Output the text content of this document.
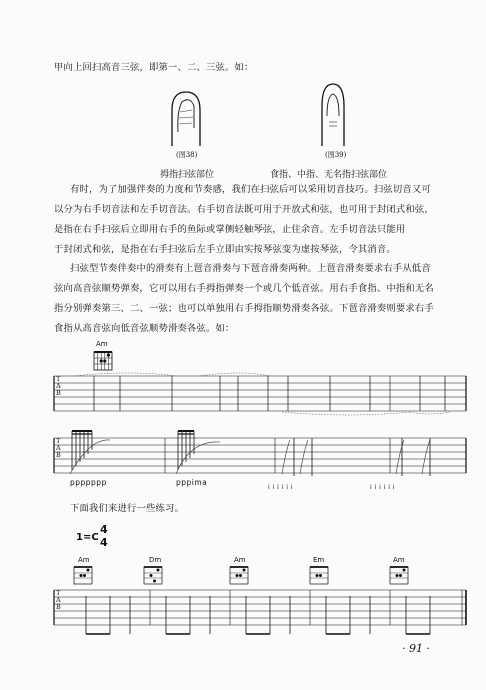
甲向上回扫高音三弦，即第一、二、三弦。如：
(图38)
拇指扫弦部位
(图39)
食指、中指、无名指扫弦部位
有时，为了加强伴奏的力度和节奏感，我们在扫弦后可以采用切音技巧。扫弦切音又可
以分为右手切音法和左手切音法。右手切音法既可用于开放式和弦，也可用于封闭式和弦，
是指在右手扫弦后立即用右手的鱼际或掌侧轻触琴弦，止住余音。左手切音法只能用
于封闭式和弦，是指在右手扫弦后左手立即由实按琴弦变为虚按琴弦，令其消音。
扫弦型节奏伴奏中的滑奏有上琶音滑奏与下琶音滑奏两种。上琶音滑奏要求右手从低音
弦向高音弦顺势弹奏，它可以用右手拇指弹奏一个或几个低音弦。用右手食指、中指和无名
指分别弹奏第三、二、一弦；也可以单独用右手拇指顺势滑奏各弦。下琶音滑奏则要求右手
食指从高音弦向低音弦顺势滑奏各弦。如：
Am
T
A
B
T
A
B
ppppppp	pppima
i i i i i i	i i i i i i
下面我们来进行一些练习。
1=C
4
4
Am	Dm	Am	Em	Am
T
A
B
· 91 ·
